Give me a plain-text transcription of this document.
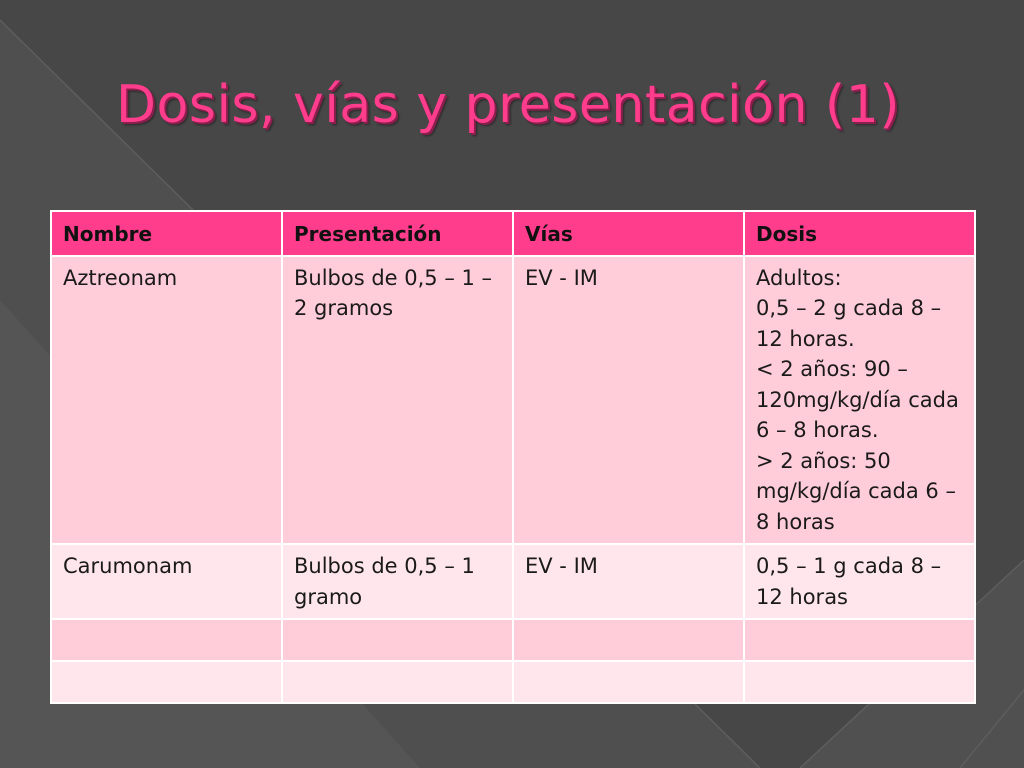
Dosis, vías y presentación (1)
Nombre	Presentación	Vías	Dosis
Aztreonam	Bulbos de 0,5 – 1 – 2 gramos	EV - IM	Adultos:
0,5 – 2 g cada 8 – 12 horas.
< 2 años: 90 – 120mg/kg/día cada 6 – 8 horas.
> 2 años: 50 mg/kg/día cada 6 – 8 horas

Carumonam	Bulbos de 0,5 – 1 gramo	EV - IM	0,5 – 1 g cada 8 – 12 horas
